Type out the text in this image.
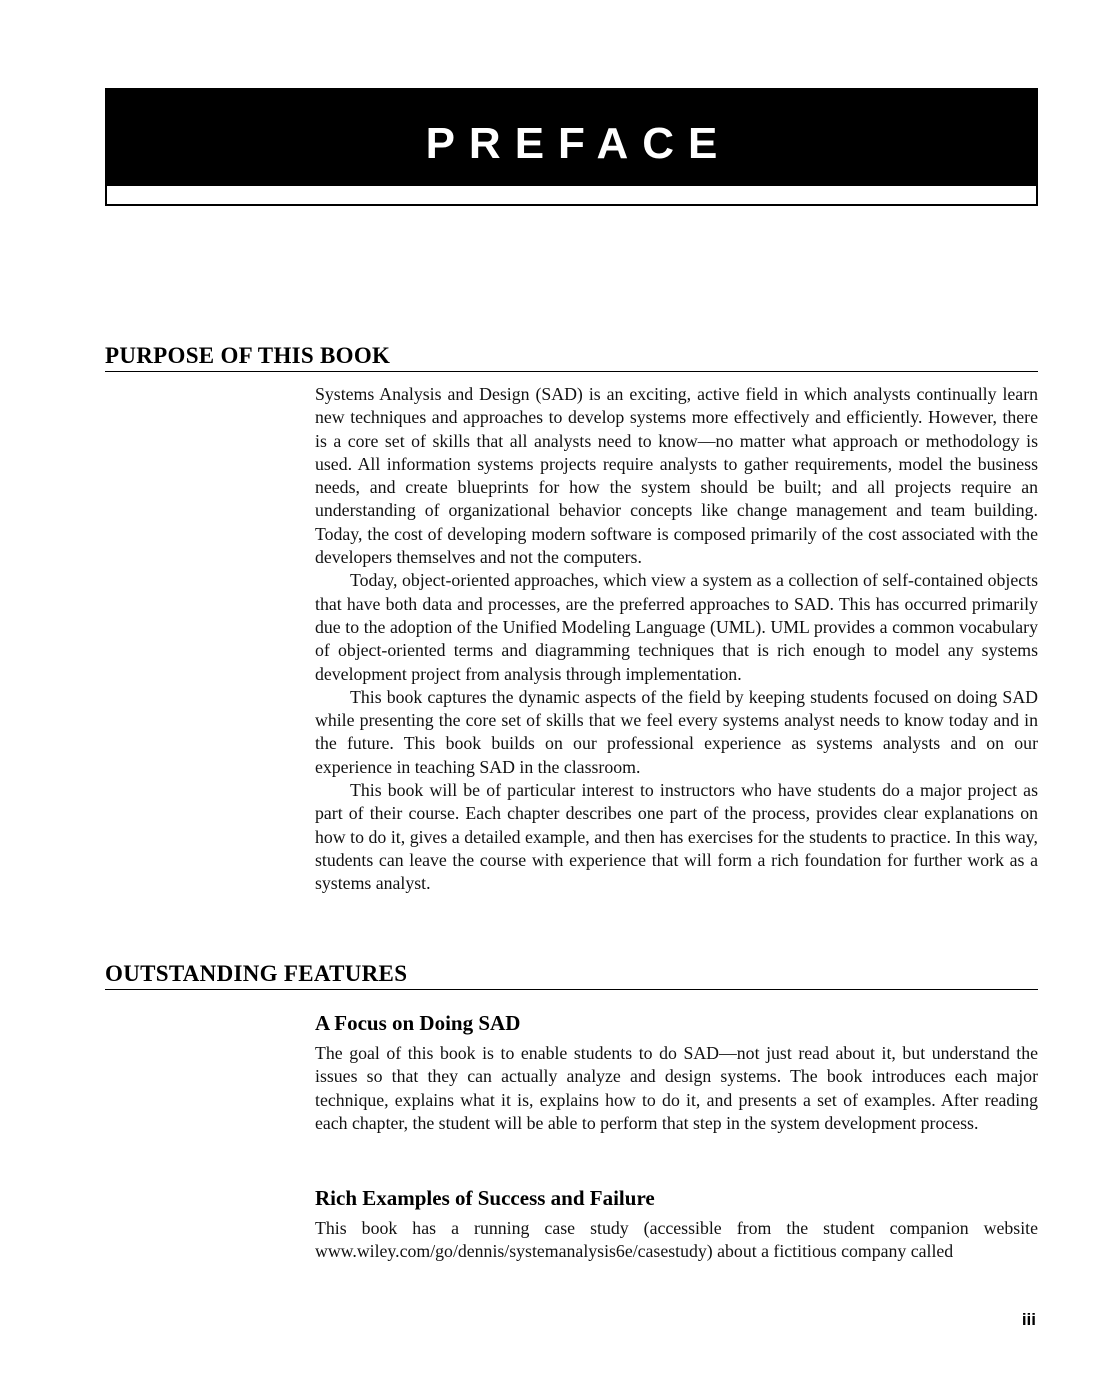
PREFACE
PURPOSE OF THIS BOOK

Systems Analysis and Design (SAD) is an exciting, active field in which analysts continually learn new techniques and approaches to develop systems more effectively and efficiently. However, there is a core set of skills that all analysts need to know—no matter what approach or methodology is used. All information systems projects require analysts to gather requirements, model the business needs, and create blueprints for how the system should be built; and all projects require an understanding of organizational behavior concepts like change management and team building. Today, the cost of developing modern software is composed primarily of the cost associated with the developers themselves and not the computers.

Today, object-oriented approaches, which view a system as a collection of self-contained objects that have both data and processes, are the preferred approaches to SAD. This has occurred primarily due to the adoption of the Unified Modeling Language (UML). UML provides a common vocabulary of object-oriented terms and diagramming techniques that is rich enough to model any systems development project from analysis through implementation.

This book captures the dynamic aspects of the field by keeping students focused on doing SAD while presenting the core set of skills that we feel every systems analyst needs to know today and in the future. This book builds on our professional experience as systems analysts and on our experience in teaching SAD in the classroom.

This book will be of particular interest to instructors who have students do a major project as part of their course. Each chapter describes one part of the process, provides clear explanations on how to do it, gives a detailed example, and then has exercises for the students to practice. In this way, students can leave the course with experience that will form a rich foundation for further work as a systems analyst.

OUTSTANDING FEATURES
A Focus on Doing SAD

The goal of this book is to enable students to do SAD—not just read about it, but understand the issues so that they can actually analyze and design systems. The book introduces each major technique, explains what it is, explains how to do it, and presents a set of examples. After reading each chapter, the student will be able to perform that step in the system development process.

Rich Examples of Success and Failure

This book has a running case study (accessible from the student companion website www.wiley.com/go/dennis/systemanalysis6e/casestudy) about a fictitious company called

iii
